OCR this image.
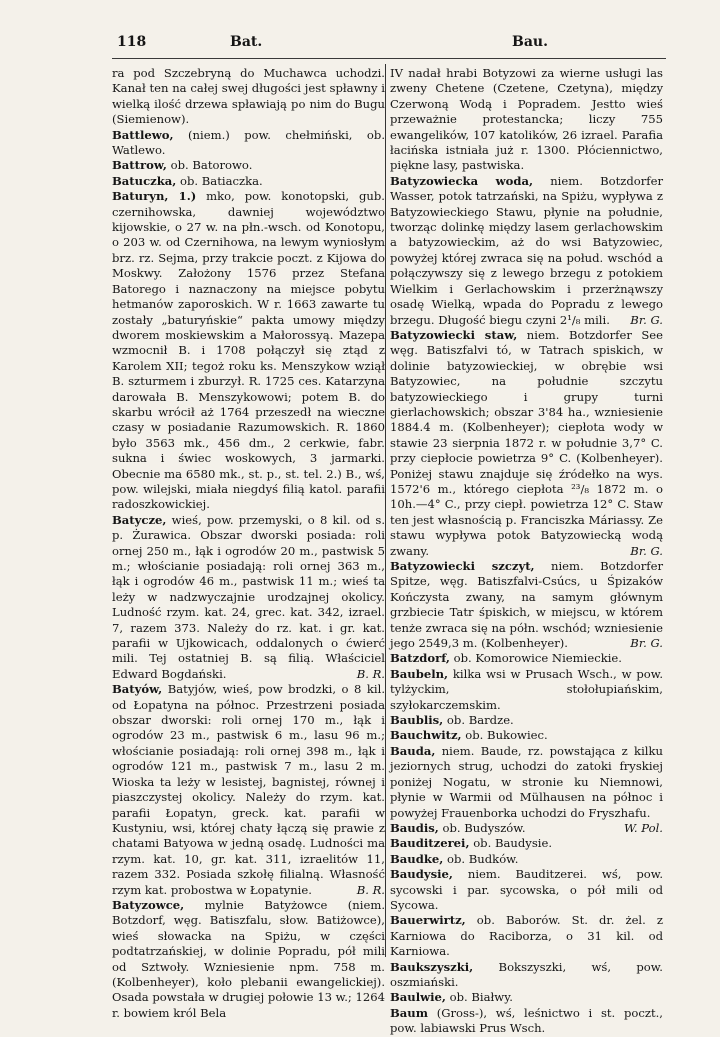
118	Bat.	Bau.

ra pod Szczebryną do Muchawca uchodzi. Kanał ten na całej swej długości jest spławny i wielką ilość drzewa spławiają po nim do Bugu (Siemienow).

Battlewo, (niem.) pow. chełmiński, ob. Watlewo.

Battrow, ob. Batorowo.

Batuczka, ob. Batiaczka.

Baturyn, 1.) mko, pow. konotopski, gub. czernihowska, dawniej województwo kijowskie, o 27 w. na płn.-wsch. od Konotopu, o 203 w. od Czernihowa, na lewym wyniosłym brz. rz. Sejma, przy trakcie poczt. z Kijowa do Moskwy. Założony 1576 przez Stefana Batorego i naznaczony na miejsce pobytu hetmanów zaporoskich. W r. 1663 zawarte tu zostały „baturyńskie“ pakta umowy między dworem moskiewskim a Małorossyą. Mazepa wzmocnił B. i 1708 połączył się ztąd z Karolem XII; tegoż roku ks. Menszykow wziął B. szturmem i zburzył. R. 1725 ces. Katarzyna darowała B. Menszykowowi; potem B. do skarbu wrócił aż 1764 przeszedł na wieczne czasy w posiadanie Razumowskich. R. 1860 było 3563 mk., 456 dm., 2 cerkwie, fabr. sukna i świec woskowych, 3 jarmarki. Obecnie ma 6580 mk., st. p., st. tel. 2.) B., wś, pow. wilejski, miała niegdyś filią katol. parafii radoszkowickiej.

Batycze, wieś, pow. przemyski, o 8 kil. od s. p. Żurawica. Obszar dworski posiada: roli ornej 250 m., łąk i ogrodów 20 m., pastwisk 5 m.; włościanie posiadają: roli ornej 363 m., łąk i ogrodów 46 m., pastwisk 11 m.; wieś ta leży w nadzwyczajnie urodzajnej okolicy. Ludność rzym. kat. 24, grec. kat. 342, izrael. 7, razem 373. Należy do rz. kat. i gr. kat. parafii w Ujkowicach, oddalonych o ćwierć mili. Tej ostatniej B. są filią. Właściciel Edward Bogdański.	B. R.

Batyów, Batyjów, wieś, pow brodzki, o 8 kil. od Łopatyna na północ. Przestrzeni posiada obszar dworski: roli ornej 170 m., łąk i ogrodów 23 m., pastwisk 6 m., lasu 96 m.; włościanie posiadają: roli ornej 398 m., łąk i ogrodów 121 m., pastwisk 7 m., lasu 2 m. Wioska ta leży w lesistej, bagnistej, równej i piaszczystej okolicy. Należy do rzym. kat. parafii Łopatyn, greck. kat. parafii w Kustyniu, wsi, której chaty łączą się prawie z chatami Batyowa w jedną osadę. Ludności ma rzym. kat. 10, gr. kat. 311, izraelitów 11, razem 332. Posiada szkołę filialną. Własność rzym kat. probostwa w Łopatynie.	B. R.

Batyzowce, mylnie Batyżowce (niem. Botzdorf, węg. Batiszfalu, słow. Batiżowce), wieś słowacka na Spiżu, w części podtatrzańskiej, w dolinie Popradu, pół mili od Sztwoły. Wzniesienie npm. 758 m. (Kolbenheyer), koło plebanii ewangelickiej). Osada powstała w drugiej połowie 13 w.; 1264 r. bowiem król Bela

IV nadał hrabi Botyzowi za wierne usługi las zweny Chetene (Czetene, Czetyna), między Czerwoną Wodą i Popradem. Jestto wieś przeważnie protestancka; liczy 755 ewangelików, 107 katolików, 26 izrael. Parafia łacińska istniała już r. 1300. Płóciennictwo, piękne lasy, pastwiska.

Batyzowiecka woda, niem. Botzdorfer Wasser, potok tatrzański, na Spiżu, wypływa z Batyzowieckiego Stawu, płynie na południe, tworząc dolinkę między lasem gerlachowskim a batyzowieckim, aż do wsi Batyzowiec, powyżej której zwraca się na połud. wschód a połączywszy się z lewego brzegu z potokiem Wielkim i Gerlachowskim i przerżnąwszy osadę Wielką, wpada do Popradu z lewego brzegu. Długość biegu czyni 2¹/₈ mili. Br. G.

Batyzowiecki staw, niem. Botzdorfer See węg. Batiszfalvi tó, w Tatrach spiskich, w dolinie batyzowieckiej, w obrębie wsi Batyzowiec, na południe szczytu batyzowieckiego i grupy turni gierlachowskich; obszar 3'84 ha., wzniesienie 1884.4 m. (Kolbenheyer); ciepłota wody w stawie 23 sierpnia 1872 r. w południe 3,7° C. przy ciepłocie powietrza 9° C. (Kolbenheyer). Poniżej stawu znajduje się źródełko na wys. 1572'6 m., którego ciepłota ²³/₈ 1872 m. o 10h.—4° C., przy ciepł. powietrza 12° C. Staw ten jest własnością p. Franciszka Máriassy. Ze stawu wypływa potok Batyzowiecką wodą zwany.	Br. G.

Batyzowiecki szczyt, niem. Botzdorfer Spitze, węg. Batiszfalvi-Csúcs, u Śpizaków Kończysta zwany, na samym głównym grzbiecie Tatr śpiskich, w miejscu, w którem tenże zwraca się na półn. wschód; wzniesienie jego 2549,3 m. (Kolbenheyer).	Br. G.

Batzdorf, ob. Komorowice Niemieckie.

Baubeln, kilka wsi w Prusach Wsch., w pow. tylżyckim, stołołupiańskim, szyłokarczemskim.

Baublis, ob. Bardze.

Bauchwitz, ob. Bukowiec.

Bauda, niem. Baude, rz. powstająca z kilku jeziornych strug, uchodzi do zatoki fryskiej poniżej Nogatu, w stronie ku Niemnowi, płynie w Warmii od Mülhausen na północ i powyżej Frauenborka uchodzi do Fryszhafu.
W. Pol.

Baudis, ob. Budyszów.

Bauditzerei, ob. Baudysie.

Baudke, ob. Budków.

Baudysie, niem. Bauditzerei. wś, pow. sycowski i par. sycowska, o pół mili od Sycowa.

Bauerwirtz, ob. Baborów. St. dr. żel. z Karniowa do Raciborza, o 31 kil. od Karniowa.

Baukszyszki, Bokszyszki, wś, pow. oszmiański.

Baulwie, ob. Białwy.

Baum (Gross-), wś, leśnictwo i st. poczt., pow. labiawski Prus Wsch.
